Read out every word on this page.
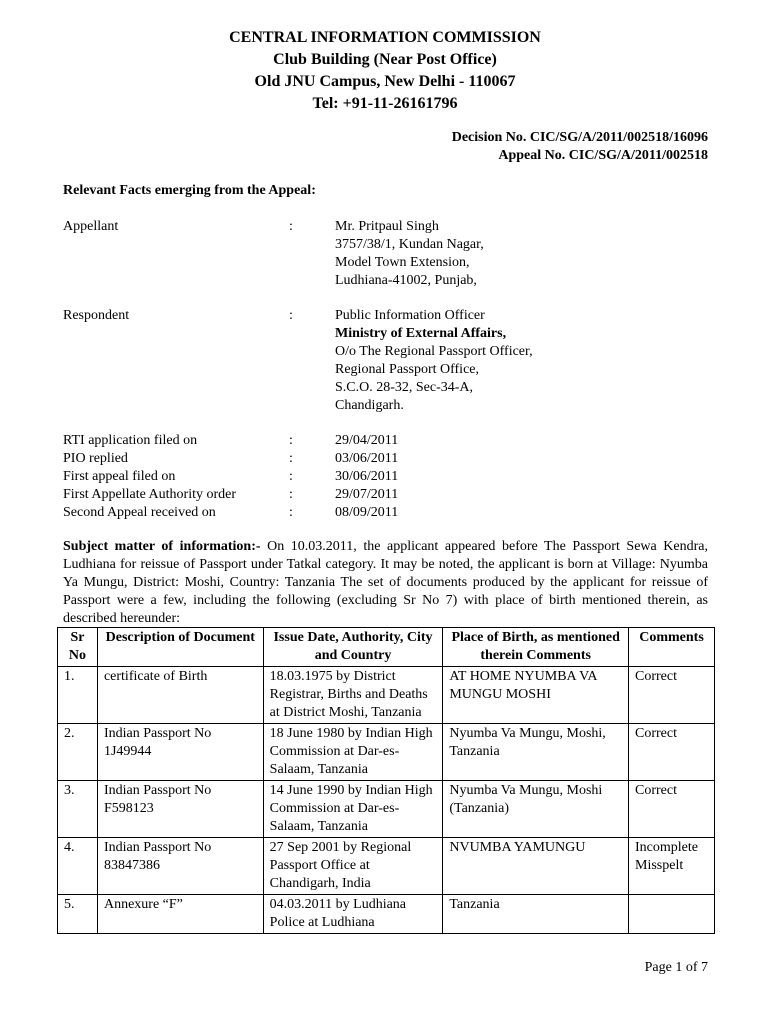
CENTRAL INFORMATION COMMISSION
Club Building (Near Post Office)
Old JNU Campus, New Delhi - 110067
Tel: +91-11-26161796
Decision No. CIC/SG/A/2011/002518/16096
Appeal No. CIC/SG/A/2011/002518
Relevant Facts emerging from the Appeal:
Appellant	:	Mr. Pritpaul Singh
3757/38/1, Kundan Nagar,
Model Town Extension,
Ludhiana-41002, Punjab,
Respondent	:	Public Information Officer
Ministry of External Affairs,
O/o The Regional Passport Officer,
Regional Passport Office,
S.C.O. 28-32, Sec-34-A,
Chandigarh.
RTI application filed on	:	29/04/2011
PIO replied	:	03/06/2011
First appeal filed on	:	30/06/2011
First Appellate Authority order	:	29/07/2011
Second Appeal received on	:	08/09/2011
Subject matter of information:- On 10.03.2011, the applicant appeared before The Passport Sewa Kendra, Ludhiana for reissue of Passport under Tatkal category. It may be noted, the applicant is born at Village: Nyumba Ya Mungu, District: Moshi, Country: Tanzania The set of documents produced by the applicant for reissue of Passport were a few, including the following (excluding Sr No 7) with place of birth mentioned therein, as described hereunder:
Sr No	Description of Document	Issue Date, Authority, City and Country	Place of Birth, as mentioned therein Comments	Comments
1.	certificate of Birth	18.03.1975 by District Registrar, Births and Deaths at District Moshi, Tanzania	AT HOME NYUMBA VA MUNGU MOSHI	Correct
2.	Indian Passport No 1J49944	18 June 1980 by Indian High Commission at Dar-es-Salaam, Tanzania	Nyumba Va Mungu, Moshi, Tanzania	Correct
3.	Indian Passport No F598123	14 June 1990 by Indian High Commission at Dar-es-Salaam, Tanzania	Nyumba Va Mungu, Moshi (Tanzania)	Correct
4.	Indian Passport No 83847386	27 Sep 2001 by Regional Passport Office at Chandigarh, India	NVUMBA YAMUNGU	Incomplete Misspelt
5.	Annexure “F”	04.03.2011 by Ludhiana Police at Ludhiana	Tanzania	
Page 1 of 7
